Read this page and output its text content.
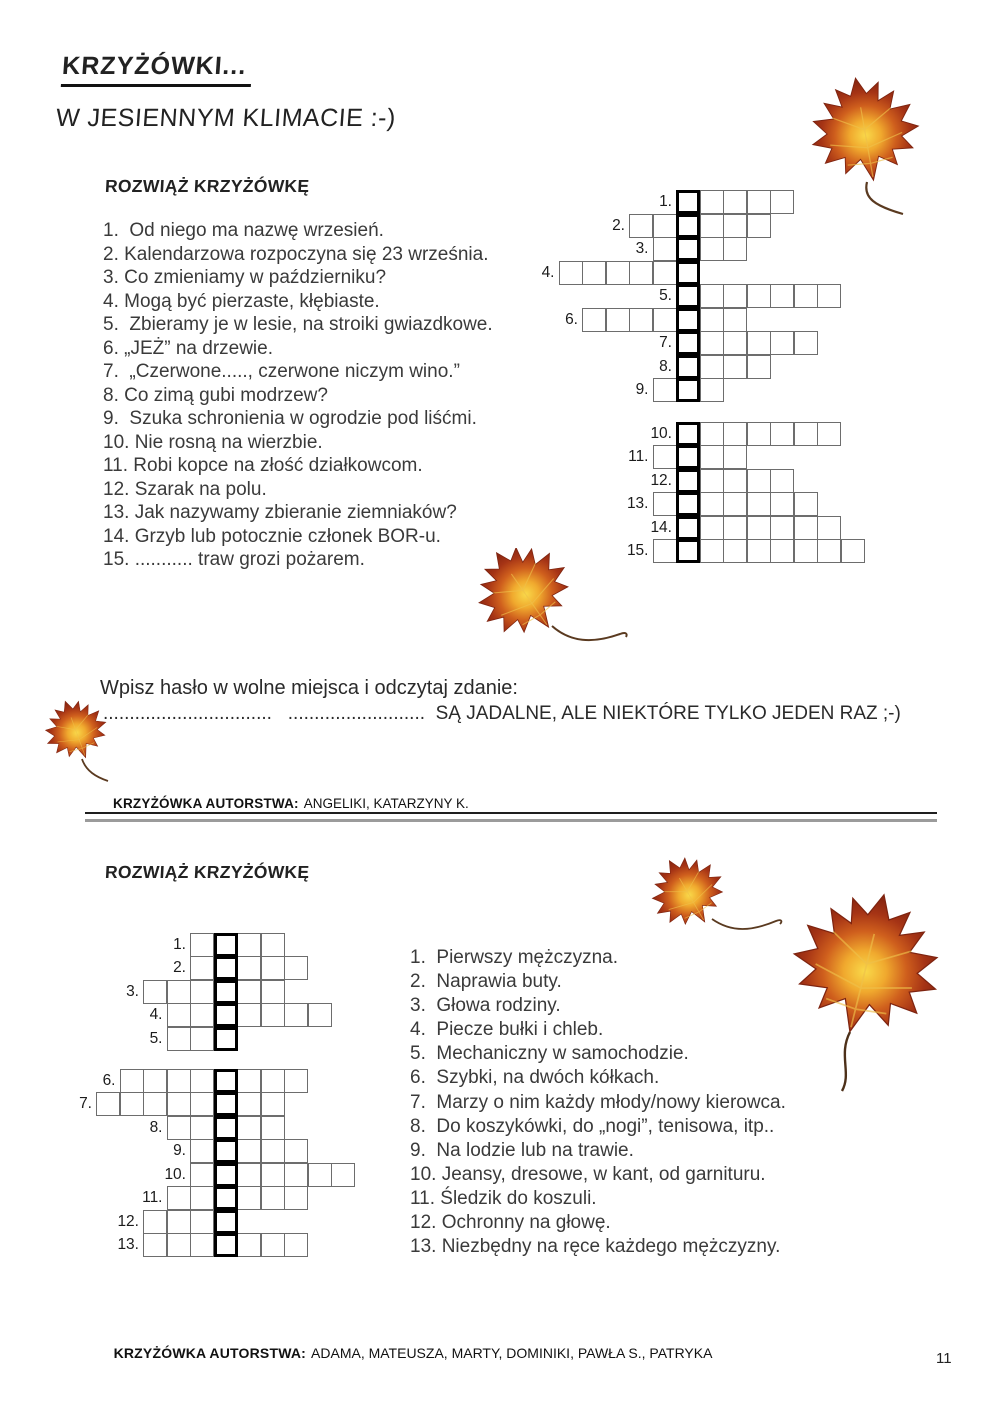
KRZYŻÓWKI...
W JESIENNYM KLIMACIE :-)
ROZWIĄŻ KRZYŻÓWKĘ
1.  Od niego ma nazwę wrzesień.
2. Kalendarzowa rozpoczyna się 23 września.
3. Co zmieniamy w październiku?
4. Mogą być pierzaste, kłębiaste.
5.  Zbieramy je w lesie, na stroiki gwiazdkowe.
6. „JEŻ” na drzewie.
7.  „Czerwone....., czerwone niczym wino.”
8. Co zimą gubi modrzew?
9.  Szuka schronienia w ogrodzie pod liśćmi.
10. Nie rosną na wierzbie.
11. Robi kopce na złość działkowcom.
12. Szarak na polu.
13. Jak nazywamy zbieranie ziemniaków?
14. Grzyb lub potocznie członek BOR-u.
15. ........... traw grozi pożarem.
1.
2.
3.
4.
5.
6.
7.
8.
9.
10.
11.
12.
13.
14.
15.
Wpisz hasło w wolne miejsca i odczytaj zdanie:
................................   ..........................  SĄ JADALNE, ALE NIEKTÓRE TYLKO JEDEN RAZ ;-)

KRZYŻÓWKA AUTORSTWA: ANGELIKI, KATARZYNY K.

ROZWIĄŻ KRZYŻÓWKĘ
1.
2.
3.
4.
5.
6.
7.
8.
9.
10.
11.
12.
13.
1.  Pierwszy mężczyzna.
2.  Naprawia buty.
3.  Głowa rodziny.
4.  Piecze bułki i chleb.
5.  Mechaniczny w samochodzie.
6.  Szybki, na dwóch kółkach.
7.  Marzy o nim każdy młody/nowy kierowca.
8.  Do koszykówki, do „nogi”, tenisowa, itp..
9.  Na lodzie lub na trawie.
10. Jeansy, dresowe, w kant, od garnituru.
11. Śledzik do koszuli.
12. Ochronny na głowę.
13. Niezbędny na ręce każdego mężczyzny.

KRZYŻÓWKA AUTORSTWA: ADAMA, MATEUSZA, MARTY, DOMINIKI, PAWŁA S., PATRYKA
	11
